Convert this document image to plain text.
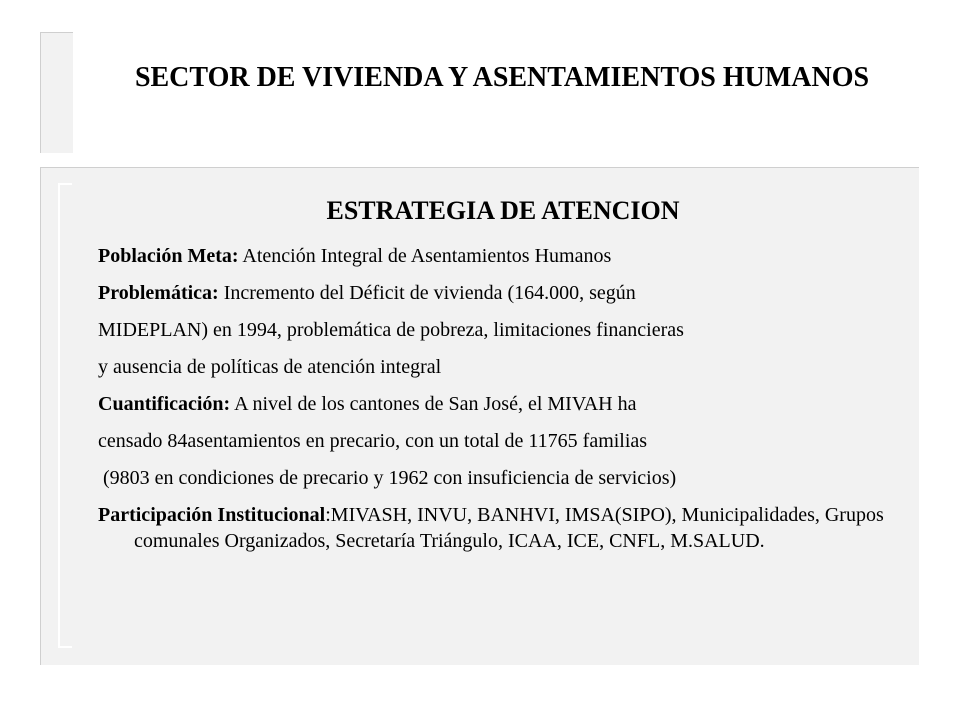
SECTOR DE VIVIENDA Y ASENTAMIENTOS HUMANOS
ESTRATEGIA DE ATENCION
Población Meta: Atención Integral de Asentamientos Humanos
Problemática: Incremento del Déficit de vivienda (164.000, según
MIDEPLAN) en 1994, problemática de pobreza, limitaciones financieras
y ausencia de políticas de atención integral
Cuantificación: A nivel de los cantones de San José, el MIVAH ha
censado 84asentamientos en precario, con un total de 11765 familias
(9803 en condiciones de precario y 1962 con insuficiencia de servicios)
Participación Institucional:MIVASH, INVU, BANHVI, IMSA(SIPO), Municipalidades, Grupos comunales Organizados, Secretaría Triángulo, ICAA, ICE, CNFL, M.SALUD.
